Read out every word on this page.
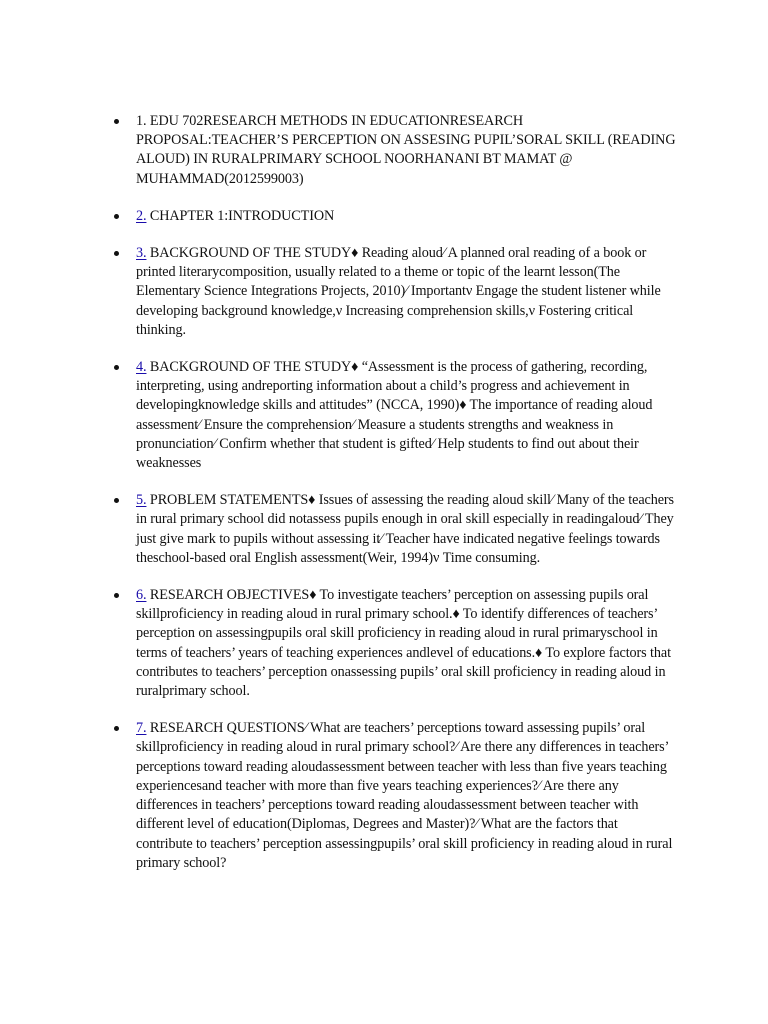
1. EDU 702RESEARCH METHODS IN EDUCATIONRESEARCH PROPOSAL:TEACHER’S PERCEPTION ON ASSESING PUPIL’SORAL SKILL (READING ALOUD) IN RURALPRIMARY SCHOOL NOORHANANI BT MAMAT @ MUHAMMAD(2012599003)
2. CHAPTER 1:INTRODUCTION
3. BACKGROUND OF THE STUDY♦ Reading aloud⁄ A planned oral reading of a book or printed literarycomposition, usually related to a theme or topic of the learnt lesson(The Elementary Science Integrations Projects, 2010)⁄ Importantν Engage the student listener while developing background knowledge,ν Increasing comprehension skills,ν Fostering critical thinking.
4. BACKGROUND OF THE STUDY♦ “Assessment is the process of gathering, recording, interpreting, using andreporting information about a child’s progress and achievement in developingknowledge skills and attitudes” (NCCA, 1990)♦ The importance of reading aloud assessment⁄ Ensure the comprehension⁄ Measure a students strengths and weakness in pronunciation⁄ Confirm whether that student is gifted⁄ Help students to find out about their weaknesses
5. PROBLEM STATEMENTS♦ Issues of assessing the reading aloud skill⁄ Many of the teachers in rural primary school did notassess pupils enough in oral skill especially in readingaloud⁄ They just give mark to pupils without assessing it⁄ Teacher have indicated negative feelings towards theschool-based oral English assessment(Weir, 1994)ν Time consuming.
6. RESEARCH OBJECTIVES♦ To investigate teachers’ perception on assessing pupils oral skillproficiency in reading aloud in rural primary school.♦ To identify differences of teachers’ perception on assessingpupils oral skill proficiency in reading aloud in rural primaryschool in terms of teachers’ years of teaching experiences andlevel of educations.♦ To explore factors that contributes to teachers’ perception onassessing pupils’ oral skill proficiency in reading aloud in ruralprimary school.
7. RESEARCH QUESTIONS⁄ What are teachers’ perceptions toward assessing pupils’ oral skillproficiency in reading aloud in rural primary school?⁄ Are there any differences in teachers’ perceptions toward reading aloudassessment between teacher with less than five years teaching experiencesand teacher with more than five years teaching experiences?⁄ Are there any differences in teachers’ perceptions toward reading aloudassessment between teacher with different level of education(Diplomas, Degrees and Master)?⁄ What are the factors that contribute to teachers’ perception assessingpupils’ oral skill proficiency in reading aloud in rural primary school?
